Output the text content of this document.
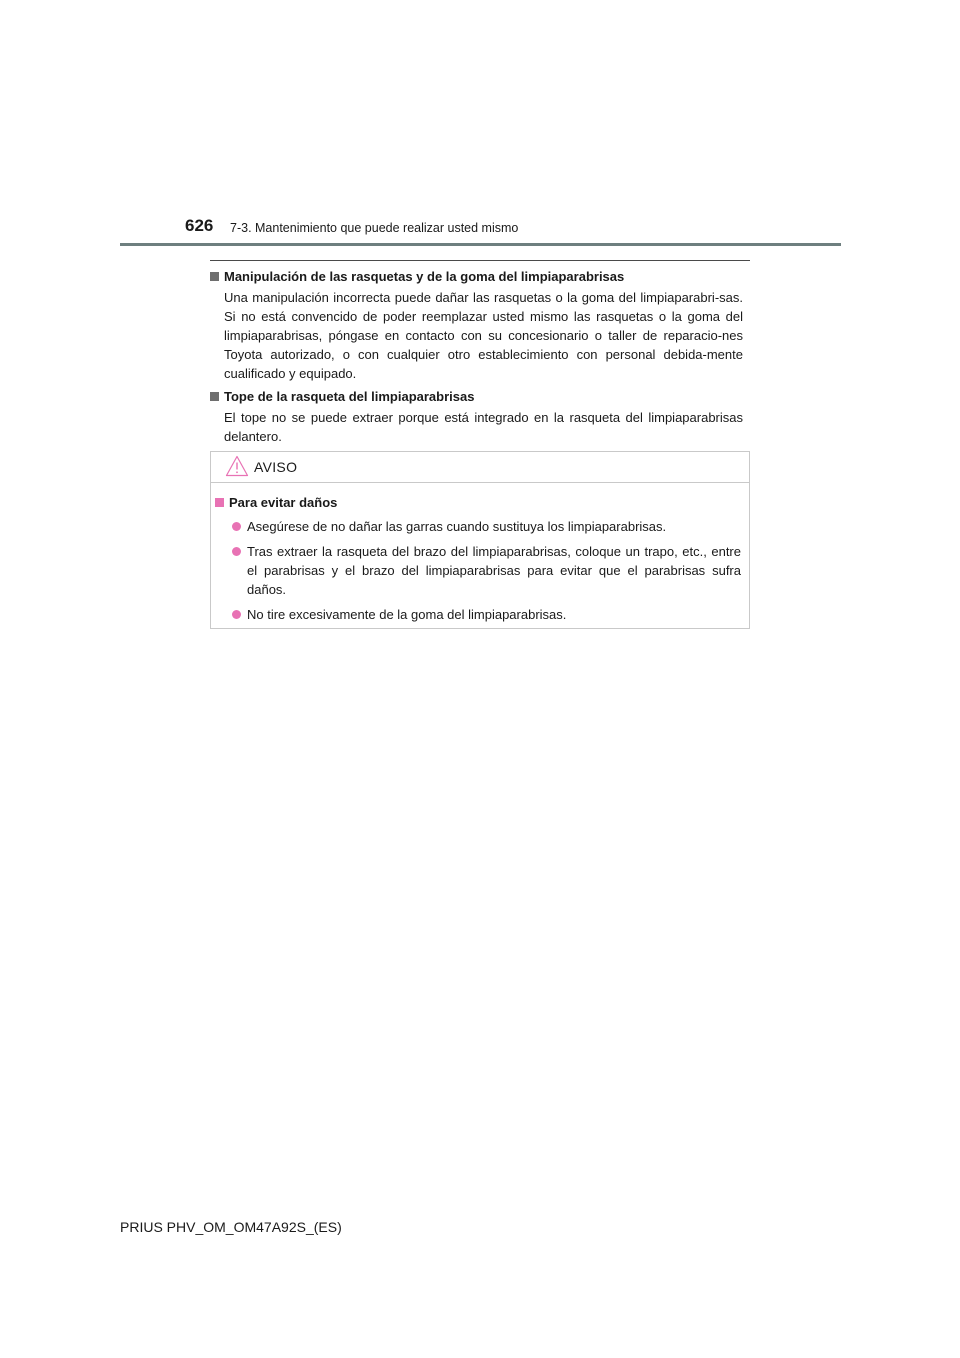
626 7-3. Mantenimiento que puede realizar usted mismo

Manipulación de las rasquetas y de la goma del limpiaparabrisas

Una manipulación incorrecta puede dañar las rasquetas o la goma del limpiaparabri-sas. Si no está convencido de poder reemplazar usted mismo las rasquetas o la goma del limpiaparabrisas, póngase en contacto con su concesionario o taller de reparacio-nes Toyota autorizado, o con cualquier otro establecimiento con personal debida-mente cualificado y equipado.

Tope de la rasqueta del limpiaparabrisas

El tope no se puede extraer porque está integrado en la rasqueta del limpiaparabrisas delantero.

AVISO

Para evitar daños

Asegúrese de no dañar las garras cuando sustituya los limpiaparabrisas.
Tras extraer la rasqueta del brazo del limpiaparabrisas, coloque un trapo, etc., entre el parabrisas y el brazo del limpiaparabrisas para evitar que el parabrisas sufra daños.
No tire excesivamente de la goma del limpiaparabrisas.
PRIUS PHV_OM_OM47A92S_(ES)
